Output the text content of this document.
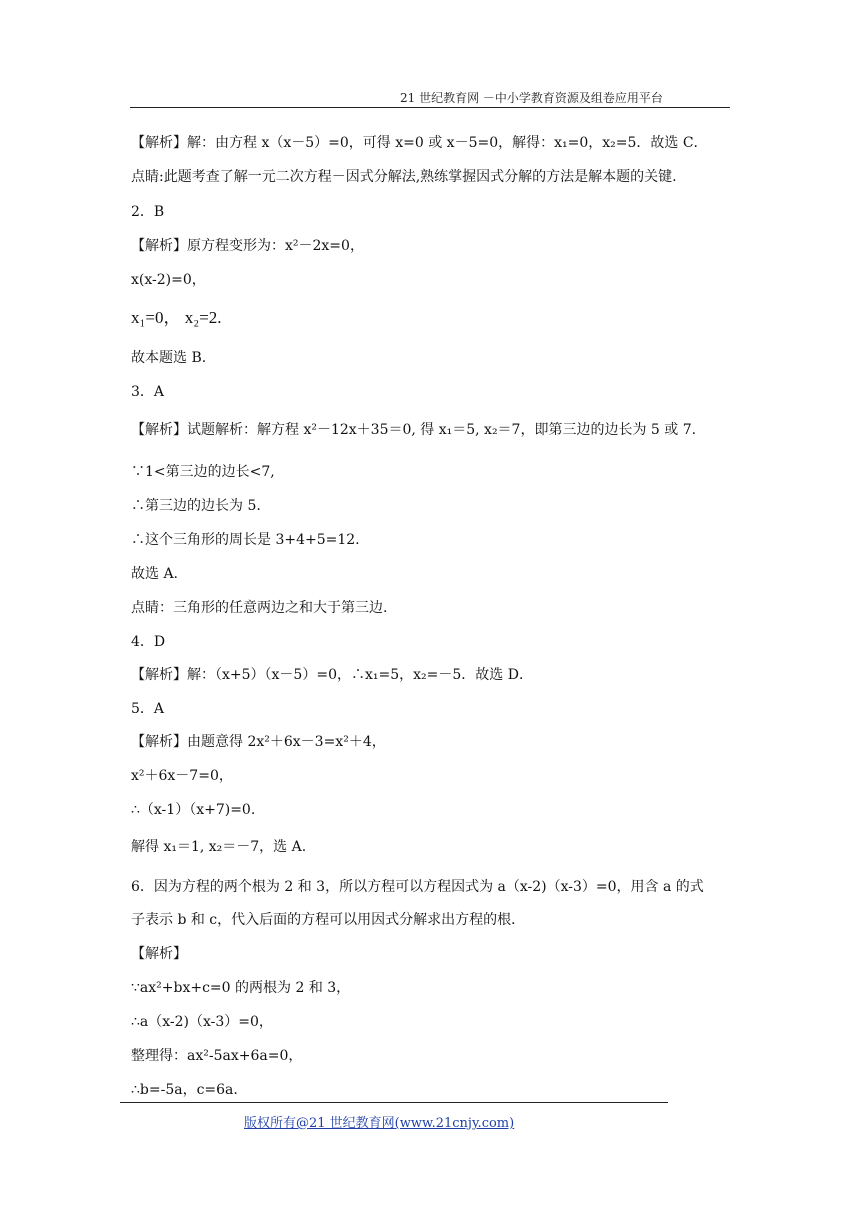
21 世纪教育网 －中小学教育资源及组卷应用平台
【解析】解：由方程 x（x－5）=0，可得 x=0 或 x－5=0，解得：x₁=0，x₂=5．故选 C．
点睛:此题考查了解一元二次方程－因式分解法,熟练掌握因式分解的方法是解本题的关键.
2．B
【解析】原方程变形为：x²－2x=0，
x(x-2)=0，
x₁=0， x₂=2.
故本题选 B.
3．A
【解析】试题解析：解方程 x²－12x＋35＝0, 得 x₁＝5, x₂＝7，即第三边的边长为 5 或 7.
∵1<第三边的边长<7,
∴第三边的边长为 5.
∴这个三角形的周长是 3+4+5=12.
故选 A.
点睛：三角形的任意两边之和大于第三边.
4．D
【解析】解：（x+5）（x－5）=0，∴x₁=5，x₂=－5．故选 D．
5．A
【解析】由题意得 2x²＋6x－3=x²＋4，
x²＋6x－7=0，
∴（x-1）（x+7)=0.
解得 x₁＝1, x₂＝－7，选 A.
6．因为方程的两个根为 2 和 3，所以方程可以方程因式为 a（x-2)（x-3）=0，用含 a 的式
子表示 b 和 c，代入后面的方程可以用因式分解求出方程的根．
【解析】
∵ax²+bx+c=0 的两根为 2 和 3，
∴a（x-2)（x-3）=0，
整理得：ax²-5ax+6a=0，
∴b=-5a，c=6a.
版权所有@21 世纪教育网(www.21cnjy.com)
